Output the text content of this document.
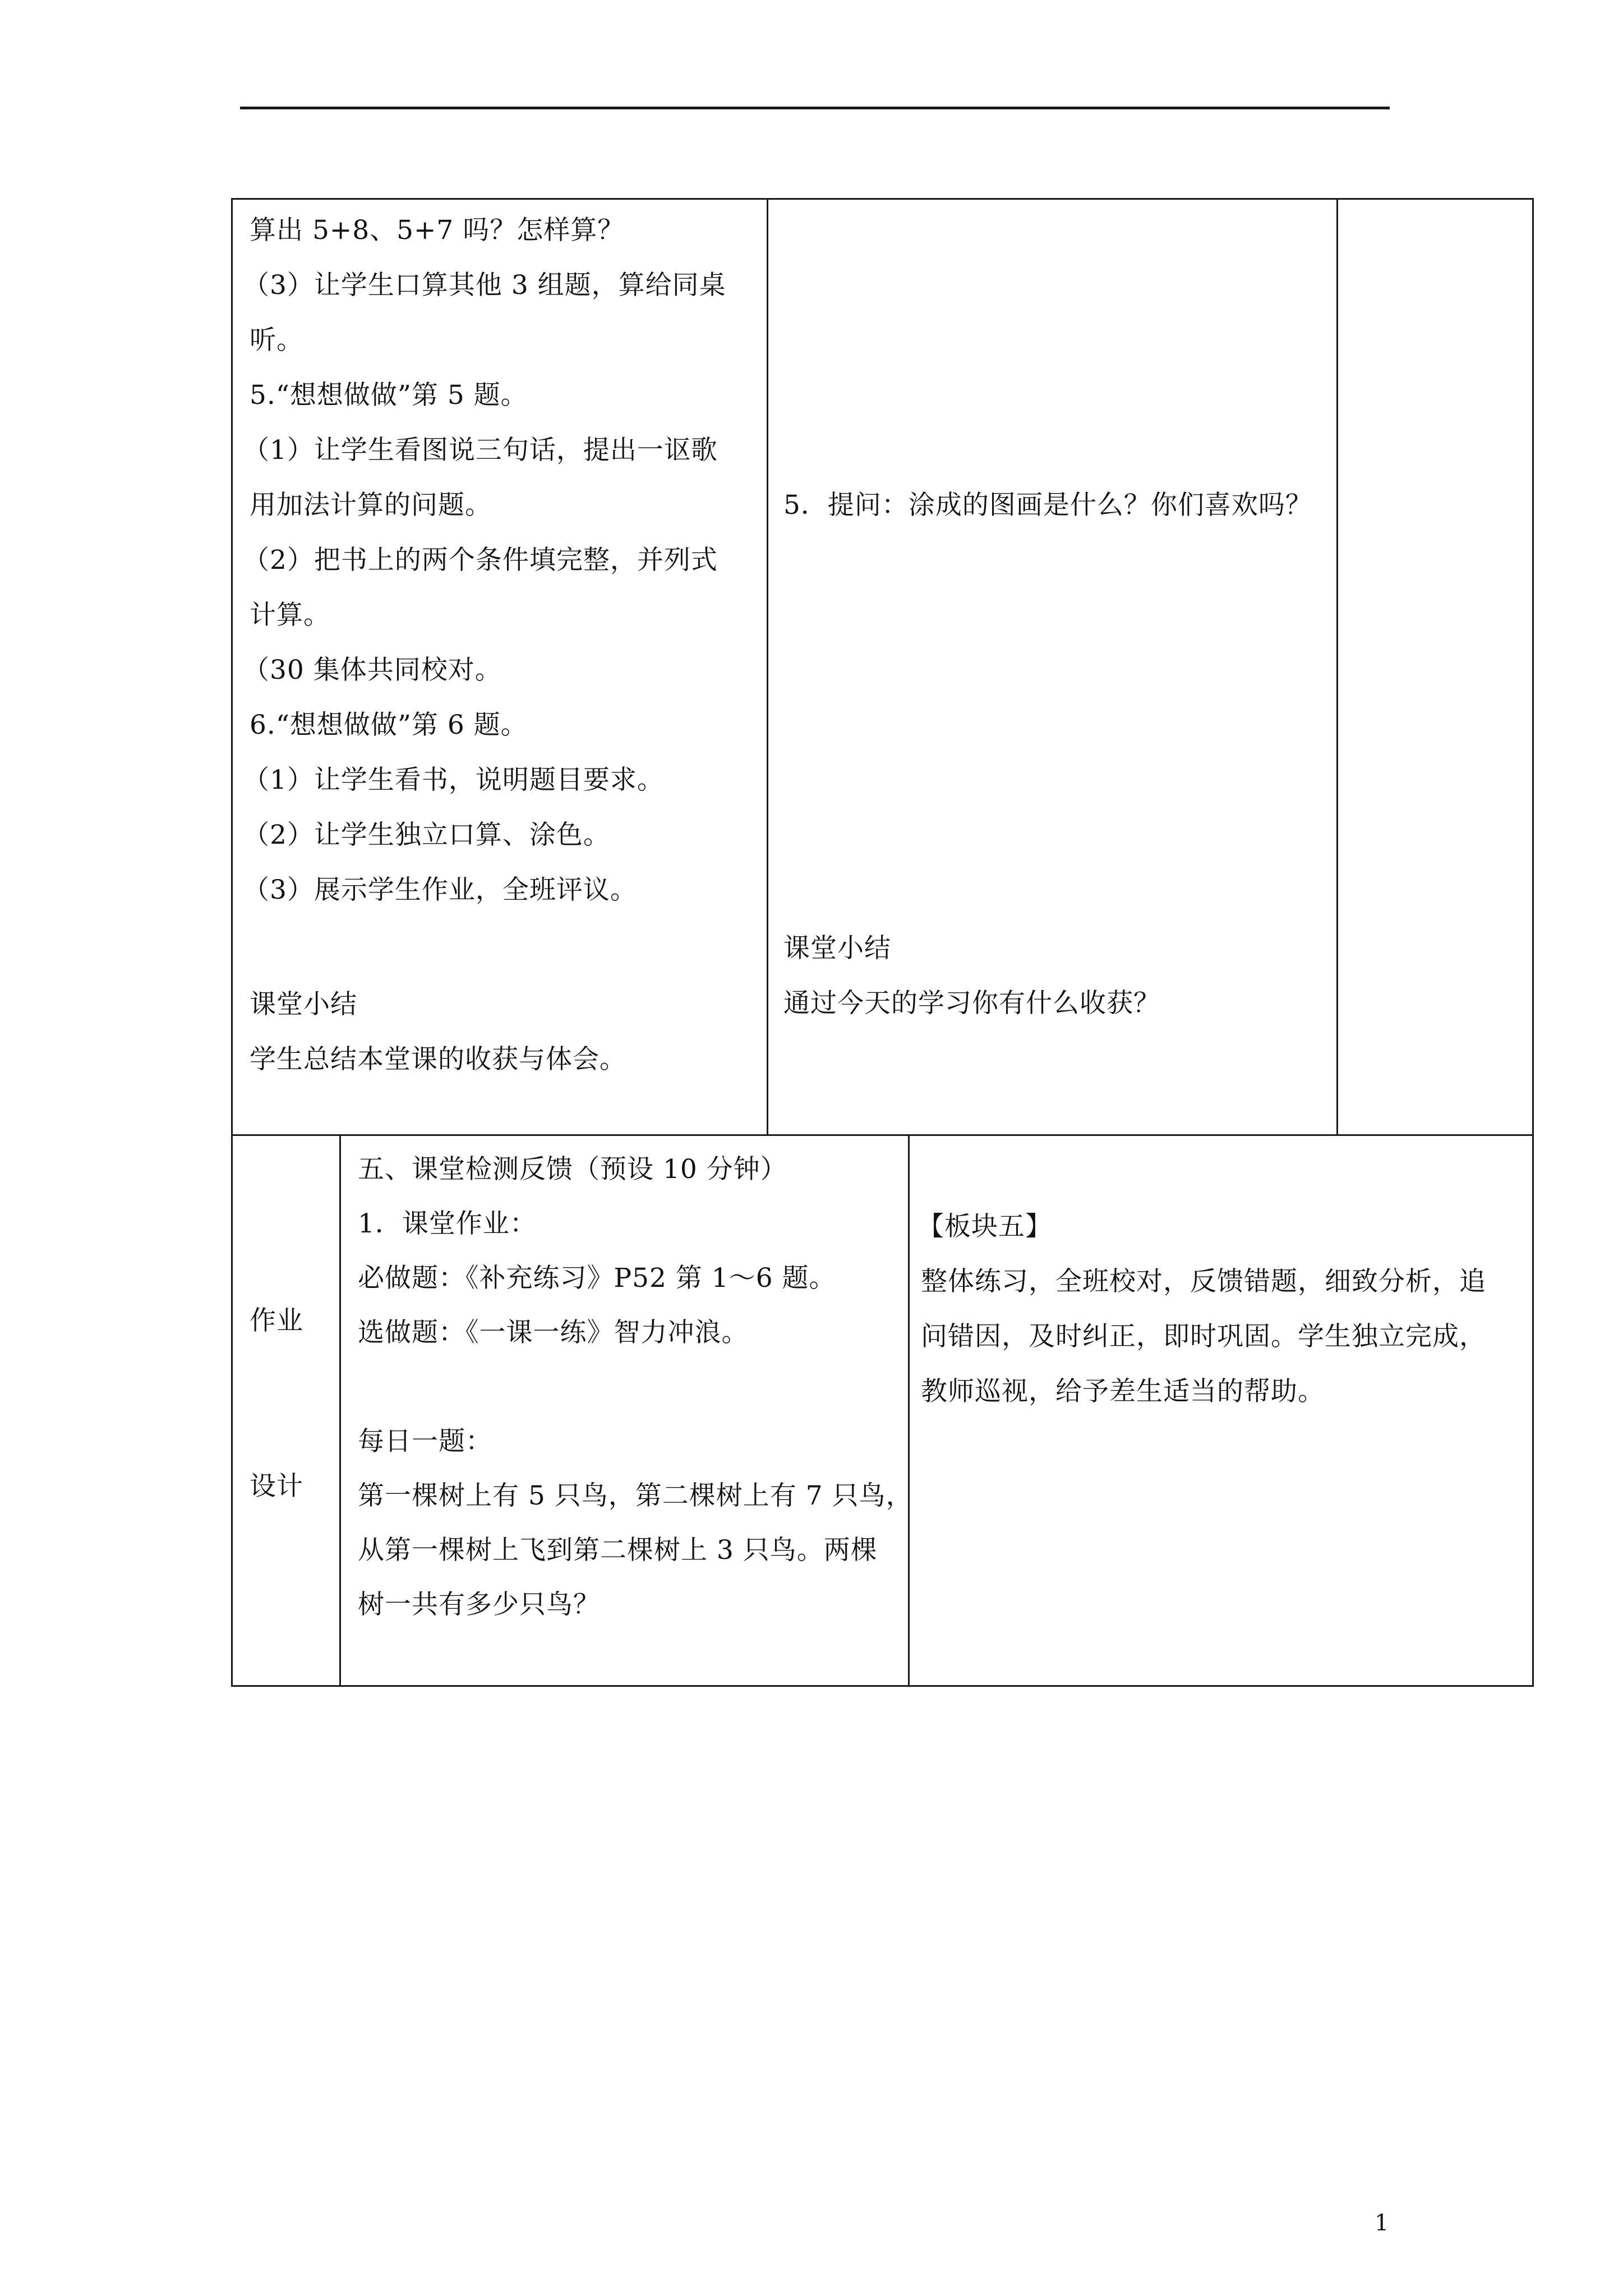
算出 5+8、5+7 吗？怎样算？
（3）让学生口算其他 3 组题，算给同桌
听。
5.“想想做做”第 5 题。
（1）让学生看图说三句话，提出一讴歌
用加法计算的问题。
（2）把书上的两个条件填完整，并列式
计算。
（30 集体共同校对。
6.“想想做做”第 6 题。
（1）让学生看书，说明题目要求。
（2）让学生独立口算、涂色。
（3）展示学生作业，全班评议。
课堂小结
学生总结本堂课的收获与体会。
5．提问：涂成的图画是什么？你们喜欢吗？
课堂小结
通过今天的学习你有什么收获？
作业
设计
五、课堂检测反馈（预设 10 分钟）
1．课堂作业：
必做题：《补充练习》P52 第 1～6 题。
选做题：《一课一练》智力冲浪。
每日一题：
第一棵树上有 5 只鸟，第二棵树上有 7 只鸟，
从第一棵树上飞到第二棵树上 3 只鸟。两棵
树一共有多少只鸟？
【板块五】
整体练习，全班校对，反馈错题，细致分析，追
问错因，及时纠正，即时巩固。学生独立完成，
教师巡视，给予差生适当的帮助。
1
